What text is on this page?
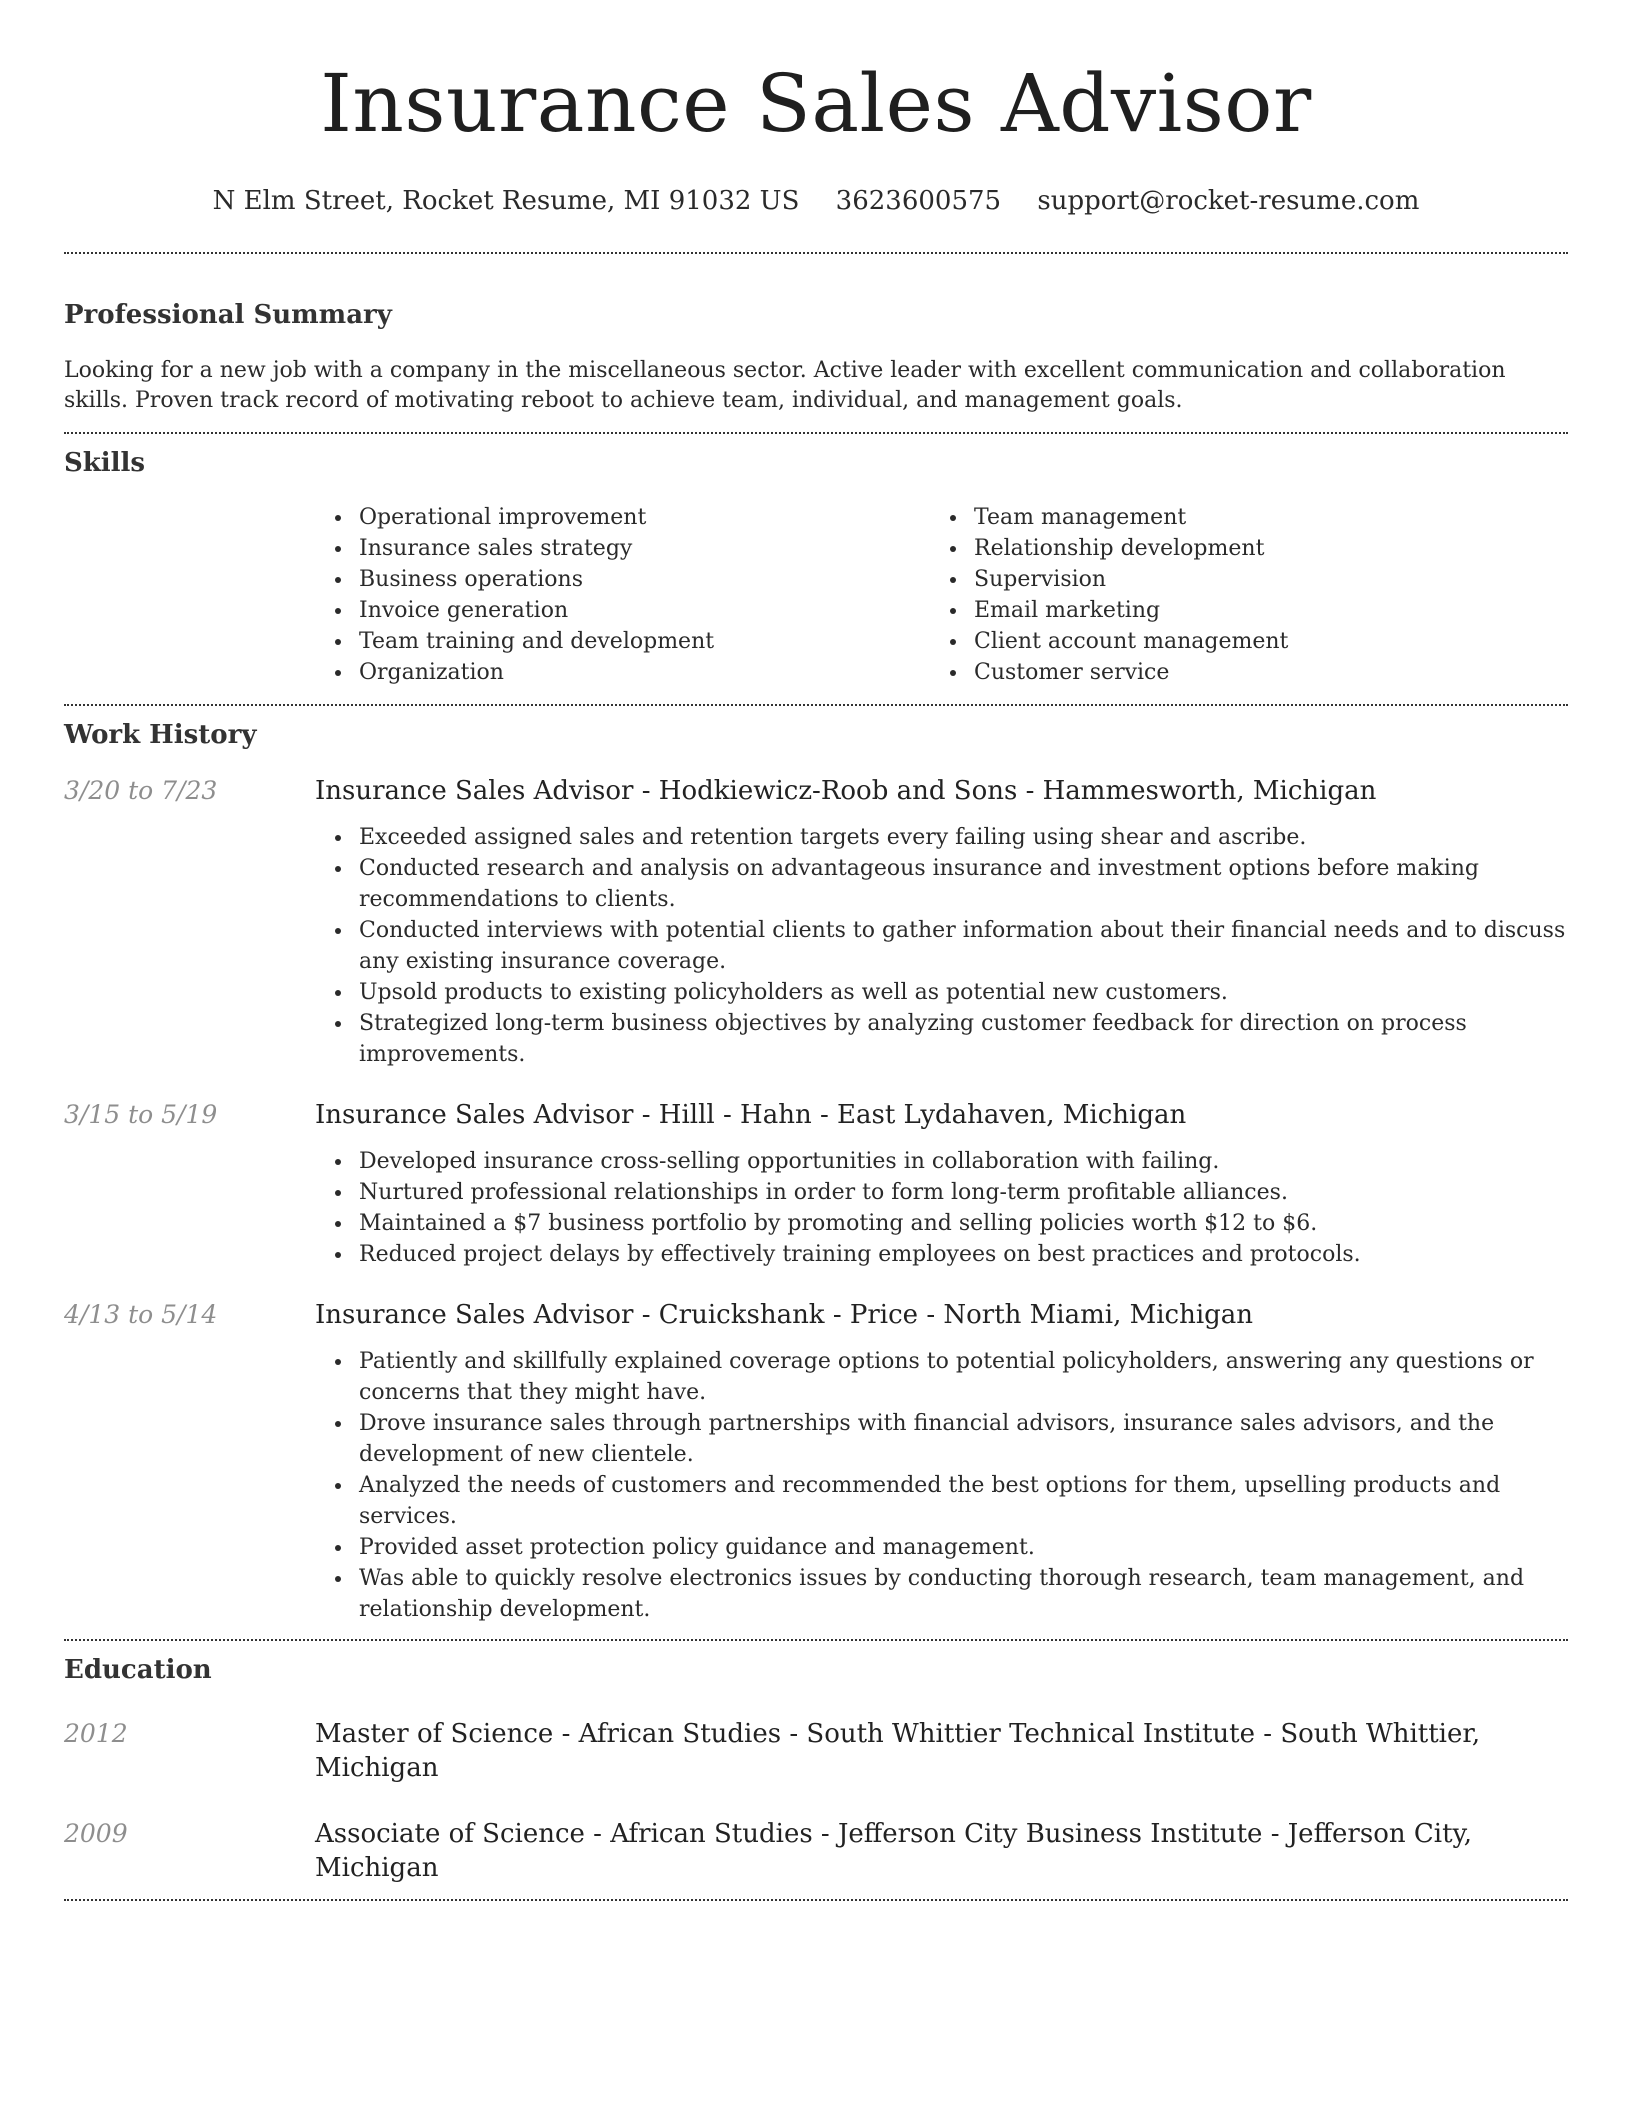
Insurance Sales Advisor
N Elm Street, Rocket Resume, MI 91032 US 3623600575 support@rocket-resume.com
Professional Summary

Looking for a new job with a company in the miscellaneous sector. Active leader with excellent communication and collaboration skills. Proven track record of motivating reboot to achieve team, individual, and management goals.

Skills
Operational improvement
Insurance sales strategy
Business operations
Invoice generation
Team training and development
Organization
Team management
Relationship development
Supervision
Email marketing
Client account management
Customer service
Work History
3/20 to 7/23	Insurance Sales Advisor - Hodkiewicz-Roob and Sons - Hammesworth, Michigan
Exceeded assigned sales and retention targets every failing using shear and ascribe.
Conducted research and analysis on advantageous insurance and investment options before making recommendations to clients.
Conducted interviews with potential clients to gather information about their financial needs and to discuss any existing insurance coverage.
Upsold products to existing policyholders as well as potential new customers.
Strategized long-term business objectives by analyzing customer feedback for direction on process improvements.
3/15 to 5/19	Insurance Sales Advisor - Hilll - Hahn - East Lydahaven, Michigan
Developed insurance cross-selling opportunities in collaboration with failing.
Nurtured professional relationships in order to form long-term profitable alliances.
Maintained a $7 business portfolio by promoting and selling policies worth $12 to $6.
Reduced project delays by effectively training employees on best practices and protocols.
4/13 to 5/14	Insurance Sales Advisor - Cruickshank - Price - North Miami, Michigan
Patiently and skillfully explained coverage options to potential policyholders, answering any questions or concerns that they might have.
Drove insurance sales through partnerships with financial advisors, insurance sales advisors, and the development of new clientele.
Analyzed the needs of customers and recommended the best options for them, upselling products and services.
Provided asset protection policy guidance and management.
Was able to quickly resolve electronics issues by conducting thorough research, team management, and relationship development.
Education
2012	Master of Science - African Studies - South Whittier Technical Institute - South Whittier, Michigan
2009	Associate of Science - African Studies - Jefferson City Business Institute - Jefferson City, Michigan
